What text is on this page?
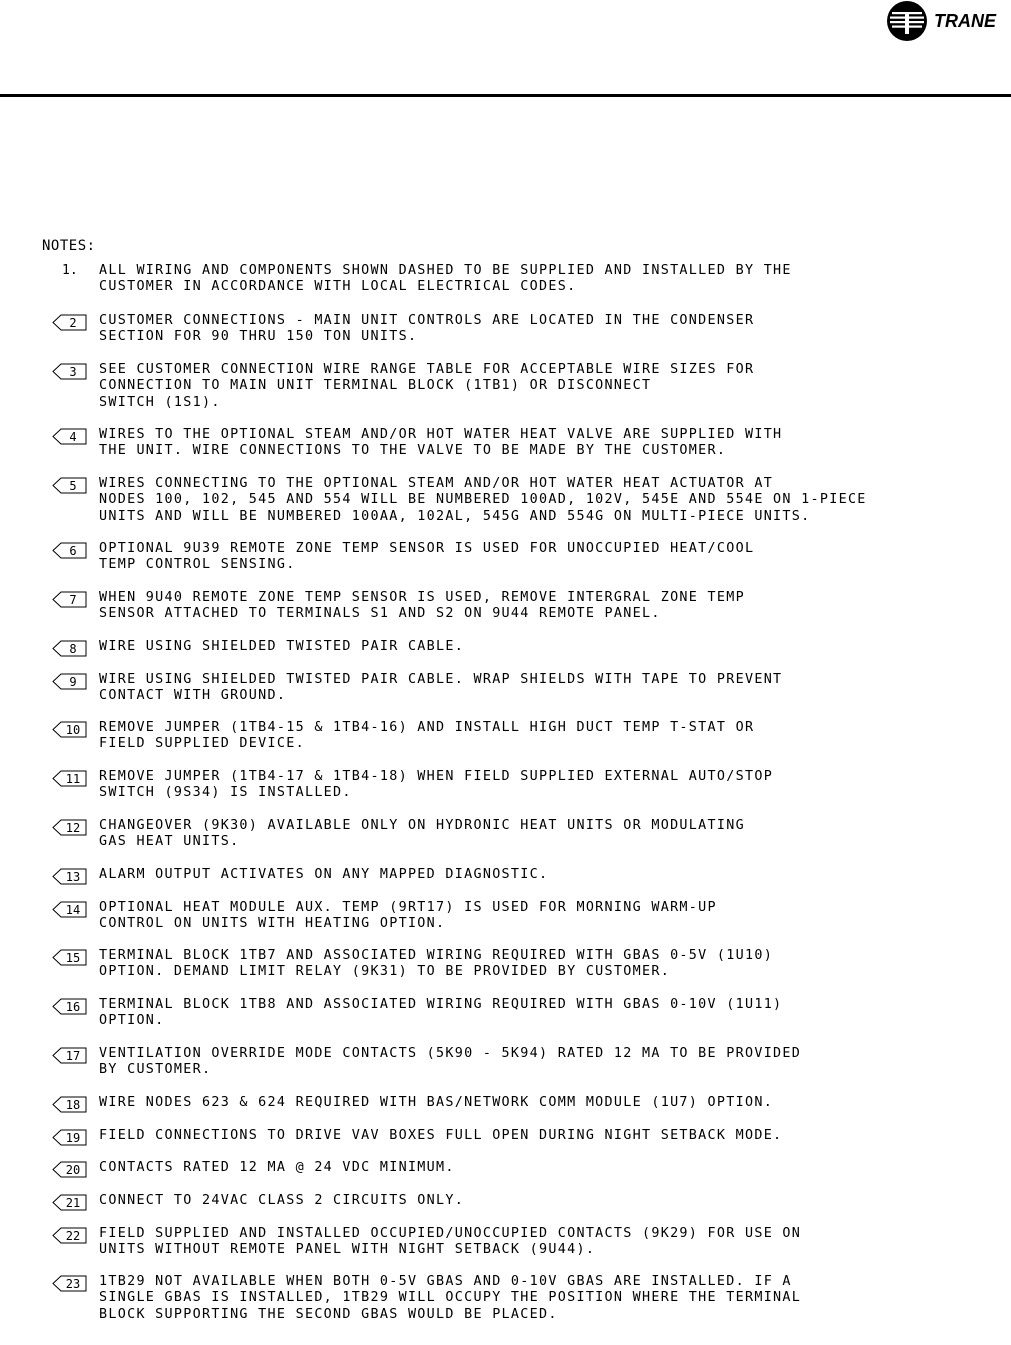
TRANE
NOTES:
1. ALL WIRING AND COMPONENTS SHOWN DASHED TO BE SUPPLIED AND INSTALLED BY THE
CUSTOMER IN ACCORDANCE WITH LOCAL ELECTRICAL CODES.
2 CUSTOMER CONNECTIONS - MAIN UNIT CONTROLS ARE LOCATED IN THE CONDENSER
SECTION FOR 90 THRU 150 TON UNITS.
3 SEE CUSTOMER CONNECTION WIRE RANGE TABLE FOR ACCEPTABLE WIRE SIZES FOR
CONNECTION TO MAIN UNIT TERMINAL BLOCK (1TB1) OR DISCONNECT
SWITCH (1S1).
4 WIRES TO THE OPTIONAL STEAM AND/OR HOT WATER HEAT VALVE ARE SUPPLIED WITH
THE UNIT. WIRE CONNECTIONS TO THE VALVE TO BE MADE BY THE CUSTOMER.
5 WIRES CONNECTING TO THE OPTIONAL STEAM AND/OR HOT WATER HEAT ACTUATOR AT
NODES 100, 102, 545 AND 554 WILL BE NUMBERED 100AD, 102V, 545E AND 554E ON 1-PIECE
UNITS AND WILL BE NUMBERED 100AA, 102AL, 545G AND 554G ON MULTI-PIECE UNITS.
6 OPTIONAL 9U39 REMOTE ZONE TEMP SENSOR IS USED FOR UNOCCUPIED HEAT/COOL
TEMP CONTROL SENSING.
7 WHEN 9U40 REMOTE ZONE TEMP SENSOR IS USED, REMOVE INTERGRAL ZONE TEMP
SENSOR ATTACHED TO TERMINALS S1 AND S2 ON 9U44 REMOTE PANEL.
8 WIRE USING SHIELDED TWISTED PAIR CABLE.
9 WIRE USING SHIELDED TWISTED PAIR CABLE. WRAP SHIELDS WITH TAPE TO PREVENT
CONTACT WITH GROUND.
10 REMOVE JUMPER (1TB4-15 & 1TB4-16) AND INSTALL HIGH DUCT TEMP T-STAT OR
FIELD SUPPLIED DEVICE.
11 REMOVE JUMPER (1TB4-17 & 1TB4-18) WHEN FIELD SUPPLIED EXTERNAL AUTO/STOP
SWITCH (9S34) IS INSTALLED.
12 CHANGEOVER (9K30) AVAILABLE ONLY ON HYDRONIC HEAT UNITS OR MODULATING
GAS HEAT UNITS.
13 ALARM OUTPUT ACTIVATES ON ANY MAPPED DIAGNOSTIC.
14 OPTIONAL HEAT MODULE AUX. TEMP (9RT17) IS USED FOR MORNING WARM-UP
CONTROL ON UNITS WITH HEATING OPTION.
15 TERMINAL BLOCK 1TB7 AND ASSOCIATED WIRING REQUIRED WITH GBAS 0-5V (1U10)
OPTION. DEMAND LIMIT RELAY (9K31) TO BE PROVIDED BY CUSTOMER.
16 TERMINAL BLOCK 1TB8 AND ASSOCIATED WIRING REQUIRED WITH GBAS 0-10V (1U11)
OPTION.
17 VENTILATION OVERRIDE MODE CONTACTS (5K90 - 5K94) RATED 12 MA TO BE PROVIDED
BY CUSTOMER.
18 WIRE NODES 623 & 624 REQUIRED WITH BAS/NETWORK COMM MODULE (1U7) OPTION.
19 FIELD CONNECTIONS TO DRIVE VAV BOXES FULL OPEN DURING NIGHT SETBACK MODE.
20 CONTACTS RATED 12 MA @ 24 VDC MINIMUM.
21 CONNECT TO 24VAC CLASS 2 CIRCUITS ONLY.
22 FIELD SUPPLIED AND INSTALLED OCCUPIED/UNOCCUPIED CONTACTS (9K29) FOR USE ON
UNITS WITHOUT REMOTE PANEL WITH NIGHT SETBACK (9U44).
23 1TB29 NOT AVAILABLE WHEN BOTH 0-5V GBAS AND 0-10V GBAS ARE INSTALLED. IF A
SINGLE GBAS IS INSTALLED, 1TB29 WILL OCCUPY THE POSITION WHERE THE TERMINAL
BLOCK SUPPORTING THE SECOND GBAS WOULD BE PLACED.
